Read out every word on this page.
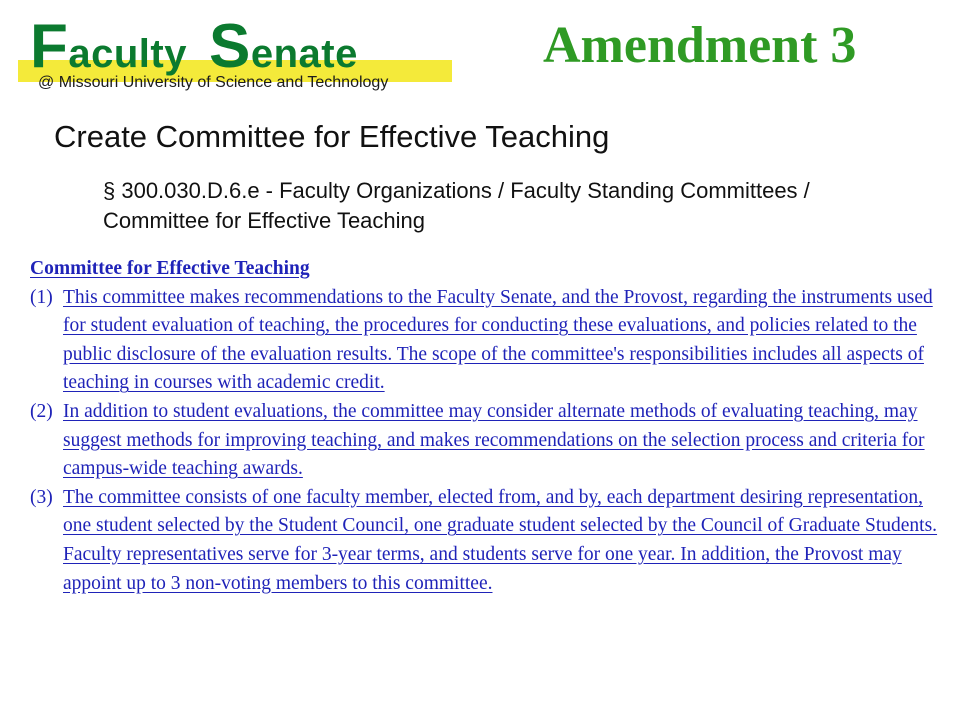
Faculty Senate
@ Missouri University of Science and Technology
Amendment 3
Create Committee for Effective Teaching
§ 300.030.D.6.e - Faculty Organizations / Faculty Standing Committees / Committee for Effective Teaching
Committee for Effective Teaching
(1) This committee makes recommendations to the Faculty Senate, and the Provost, regarding the instruments used for student evaluation of teaching, the procedures for conducting these evaluations, and policies related to the public disclosure of the evaluation results. The scope of the committee's responsibilities includes all aspects of teaching in courses with academic credit.
(2) In addition to student evaluations, the committee may consider alternate methods of evaluating teaching, may suggest methods for improving teaching, and makes recommendations on the selection process and criteria for campus-wide teaching awards.
(3) The committee consists of one faculty member, elected from, and by, each department desiring representation, one student selected by the Student Council, one graduate student selected by the Council of Graduate Students. Faculty representatives serve for 3-year terms, and students serve for one year. In addition, the Provost may appoint up to 3 non-voting members to this committee.
